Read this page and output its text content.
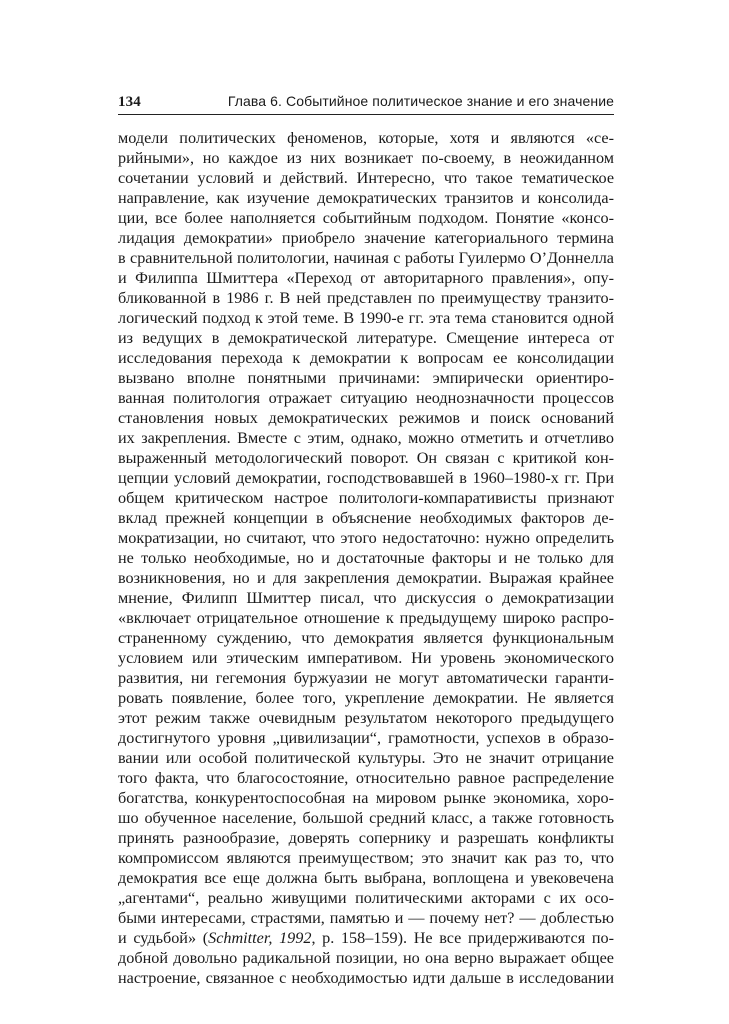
134	Глава 6. Событийное политическое знание и его значение
модели политических феноменов, которые, хотя и являются «се-
рийными», но каждое из них возникает по-своему, в неожиданном
сочетании условий и действий. Интересно, что такое тематическое
направление, как изучение демократических транзитов и консолида-
ции, все более наполняется событийным подходом. Понятие «консо-
лидация демократии» приобрело значение категориального термина
в сравнительной политологии, начиная с работы Гуилермо О’Доннелла
и Филиппа Шмиттера «Переход от авторитарного правления», опу-
бликованной в 1986 г. В ней представлен по преимуществу транзито-
логический подход к этой теме. В 1990-е гг. эта тема становится одной
из ведущих в демократической литературе. Смещение интереса от
исследования перехода к демократии к вопросам ее консолидации
вызвано вполне понятными причинами: эмпирически ориентиро-
ванная политология отражает ситуацию неоднозначности процессов
становления новых демократических режимов и поиск оснований
их закрепления. Вместе с этим, однако, можно отметить и отчетливо
выраженный методологический поворот. Он связан с критикой кон-
цепции условий демократии, господствовавшей в 1960–1980-х гг. При
общем критическом настрое политологи-компаративисты признают
вклад прежней концепции в объяснение необходимых факторов де-
мократизации, но считают, что этого недостаточно: нужно определить
не только необходимые, но и достаточные факторы и не только для
возникновения, но и для закрепления демократии. Выражая крайнее
мнение, Филипп Шмиттер писал, что дискуссия о демократизации
«включает отрицательное отношение к предыдущему широко распро-
страненному суждению, что демократия является функциональным
условием или этическим императивом. Ни уровень экономического
развития, ни гегемония буржуазии не могут автоматически гаранти-
ровать появление, более того, укрепление демократии. Не является
этот режим также очевидным результатом некоторого предыдущего
достигнутого уровня „цивилизации“, грамотности, успехов в образо-
вании или особой политической культуры. Это не значит отрицание
того факта, что благосостояние, относительно равное распределение
богатства, конкурентоспособная на мировом рынке экономика, хоро-
шо обученное население, большой средний класс, а также готовность
принять разнообразие, доверять сопернику и разрешать конфликты
компромиссом являются преимуществом; это значит как раз то, что
демократия все еще должна быть выбрана, воплощена и увековечена
„агентами“, реально живущими политическими акторами с их осо-
быми интересами, страстями, памятью и — почему нет? — доблестью
и судьбой» (Schmitter, 1992, p. 158–159). Не все придерживаются по-
добной довольно радикальной позиции, но она верно выражает общее
настроение, связанное с необходимостью идти дальше в исследовании
